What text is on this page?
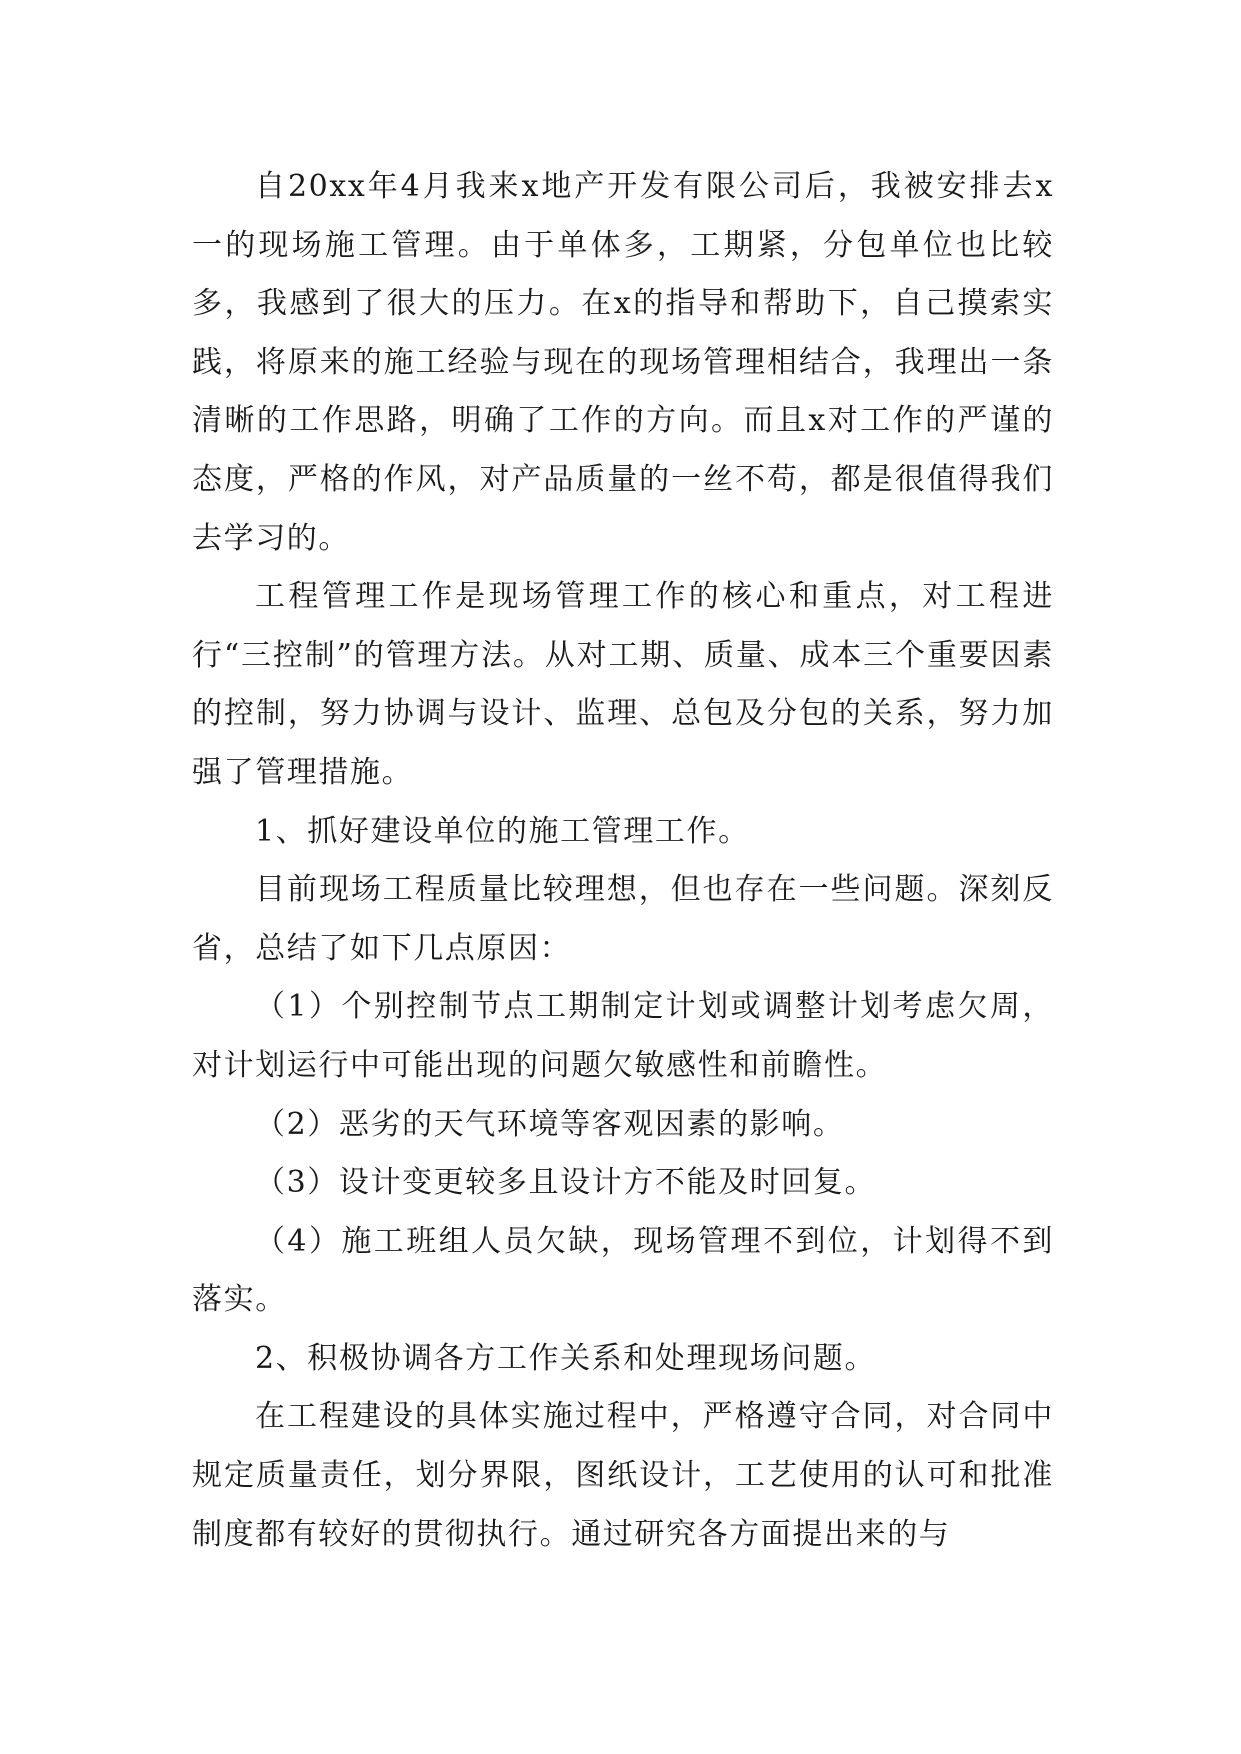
自20xx年4月我来x地产开发有限公司后，我被安排去x一的现场施工管理。由于单体多，工期紧，分包单位也比较多，我感到了很大的压力。在x的指导和帮助下，自己摸索实践，将原来的施工经验与现在的现场管理相结合，我理出一条清晰的工作思路，明确了工作的方向。而且x对工作的严谨的态度，严格的作风，对产品质量的一丝不苟，都是很值得我们去学习的。

工程管理工作是现场管理工作的核心和重点，对工程进行“三控制”的管理方法。从对工期、质量、成本三个重要因素的控制，努力协调与设计、监理、总包及分包的关系，努力加强了管理措施。

1、抓好建设单位的施工管理工作。

目前现场工程质量比较理想，但也存在一些问题。深刻反省，总结了如下几点原因：

（1）个别控制节点工期制定计划或调整计划考虑欠周，对计划运行中可能出现的问题欠敏感性和前瞻性。

（2）恶劣的天气环境等客观因素的影响。

（3）设计变更较多且设计方不能及时回复。

（4）施工班组人员欠缺，现场管理不到位，计划得不到落实。

2、积极协调各方工作关系和处理现场问题。

在工程建设的具体实施过程中，严格遵守合同，对合同中规定质量责任，划分界限，图纸设计，工艺使用的认可和批准制度都有较好的贯彻执行。通过研究各方面提出来的与
